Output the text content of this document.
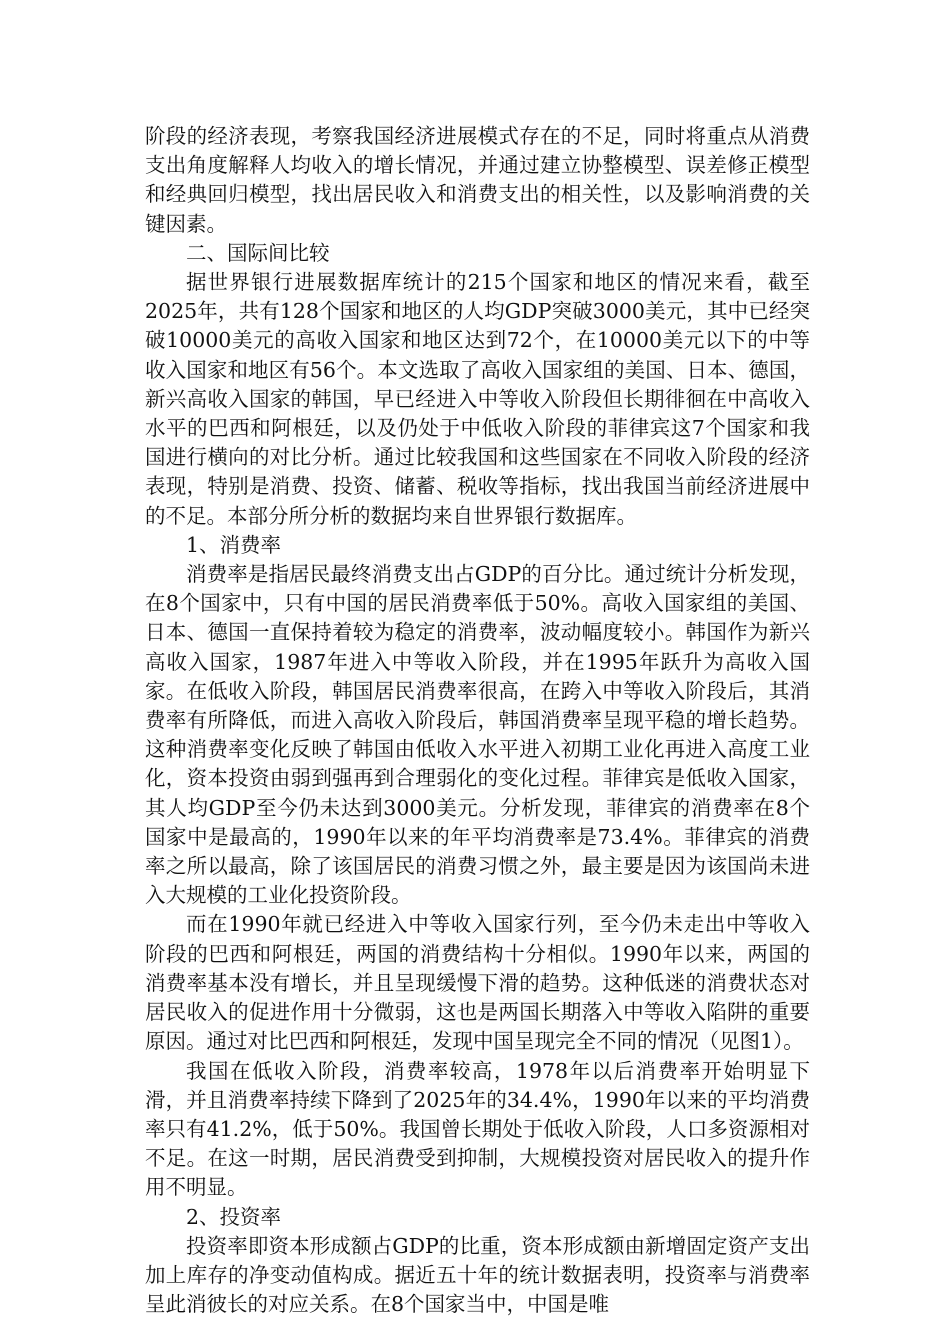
阶段的经济表现，考察我国经济进展模式存在的不足，同时将重点从消费支出角度解释人均收入的增长情况，并通过建立协整模型、误差修正模型和经典回归模型，找出居民收入和消费支出的相关性，以及影响消费的关键因素。

二、国际间比较

据世界银行进展数据库统计的215个国家和地区的情况来看，截至2025年，共有128个国家和地区的人均GDP突破3000美元，其中已经突破10000美元的高收入国家和地区达到72个，在10000美元以下的中等收入国家和地区有56个。本文选取了高收入国家组的美国、日本、德国，新兴高收入国家的韩国，早已经进入中等收入阶段但长期徘徊在中高收入水平的巴西和阿根廷，以及仍处于中低收入阶段的菲律宾这7个国家和我国进行横向的对比分析。通过比较我国和这些国家在不同收入阶段的经济表现，特别是消费、投资、储蓄、税收等指标，找出我国当前经济进展中的不足。本部分所分析的数据均来自世界银行数据库。

1、消费率

消费率是指居民最终消费支出占GDP的百分比。通过统计分析发现，在8个国家中，只有中国的居民消费率低于50%。高收入国家组的美国、日本、德国一直保持着较为稳定的消费率，波动幅度较小。韩国作为新兴高收入国家，1987年进入中等收入阶段，并在1995年跃升为高收入国家。在低收入阶段，韩国居民消费率很高，在跨入中等收入阶段后，其消费率有所降低，而进入高收入阶段后，韩国消费率呈现平稳的增长趋势。这种消费率变化反映了韩国由低收入水平进入初期工业化再进入高度工业化，资本投资由弱到强再到合理弱化的变化过程。菲律宾是低收入国家，其人均GDP至今仍未达到3000美元。分析发现，菲律宾的消费率在8个国家中是最高的，1990年以来的年平均消费率是73.4%。菲律宾的消费率之所以最高，除了该国居民的消费习惯之外，最主要是因为该国尚未进入大规模的工业化投资阶段。

而在1990年就已经进入中等收入国家行列，至今仍未走出中等收入阶段的巴西和阿根廷，两国的消费结构十分相似。1990年以来，两国的消费率基本没有增长，并且呈现缓慢下滑的趋势。这种低迷的消费状态对居民收入的促进作用十分微弱，这也是两国长期落入中等收入陷阱的重要原因。通过对比巴西和阿根廷，发现中国呈现完全不同的情况（见图1）。

我国在低收入阶段，消费率较高，1978年以后消费率开始明显下滑，并且消费率持续下降到了2025年的34.4%，1990年以来的平均消费率只有41.2%，低于50%。我国曾长期处于低收入阶段，人口多资源相对不足。在这一时期，居民消费受到抑制，大规模投资对居民收入的提升作用不明显。

2、投资率

投资率即资本形成额占GDP的比重，资本形成额由新增固定资产支出加上库存的净变动值构成。据近五十年的统计数据表明，投资率与消费率呈此消彼长的对应关系。在8个国家当中，中国是唯
